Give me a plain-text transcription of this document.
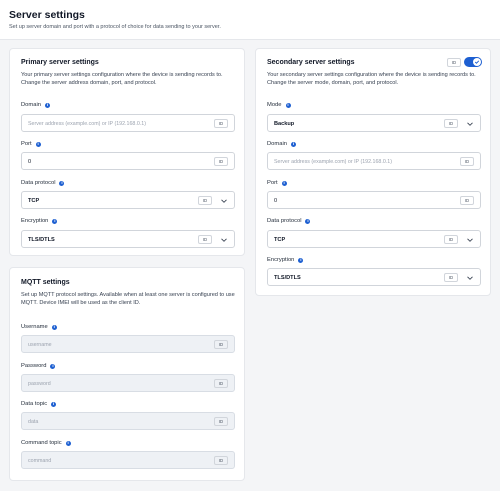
Server settings
Set up server domain and port with a protocol of choice for data sending to your server.
Primary server settings
Your primary server settings configuration where the device is sending records to. Change the server address domain, port, and protocol.
Domain	i
Server address (example.com) or IP (192.168.0.1)	ID
Port	i
0	ID
Data protocol	i
TCP	ID
Encryption	i
TLS/DTLS	ID
Secondary server settings	ID
Your secondary server settings configuration where the device is sending records to. Change the server mode, domain, port, and protocol.
Mode	i
Backup	ID
Domain	i
Server address (example.com) or IP (192.168.0.1)	ID
Port	i
0	ID
Data protocol	i
TCP	ID
Encryption	i
TLS/DTLS	ID
MQTT settings
Set up MQTT protocol settings. Available when at least one server is configured to use MQTT. Device IMEI will be used as the client ID.
Username	i
username	ID
Password	i
password	ID
Data topic	i
data	ID
Command topic	i
command	ID
